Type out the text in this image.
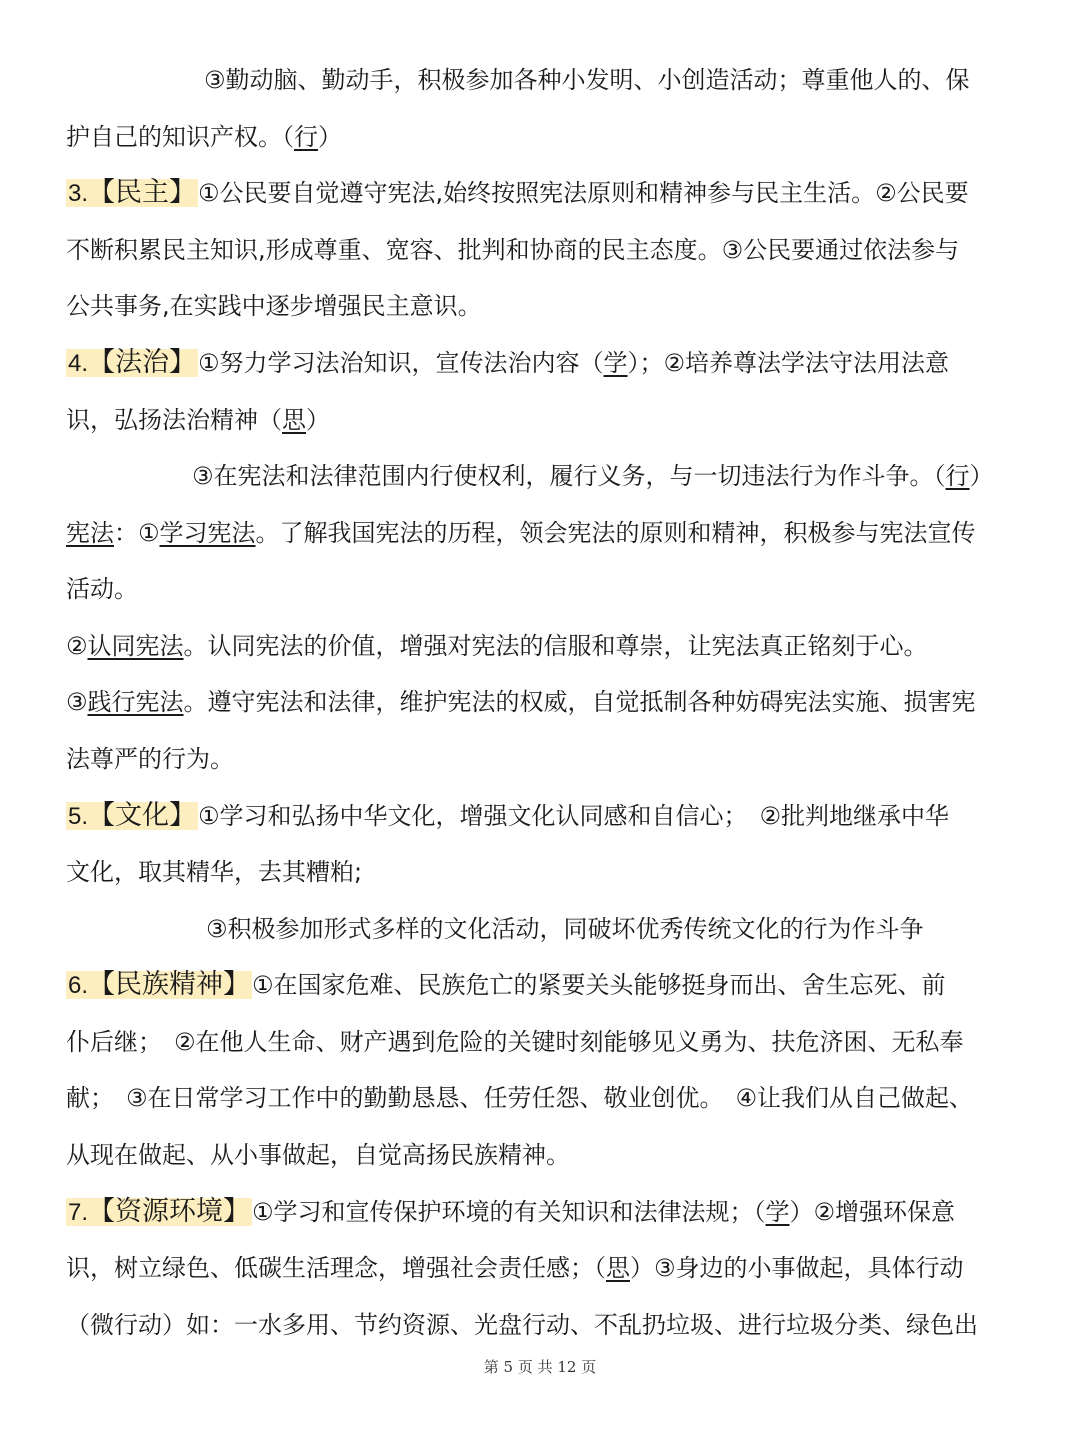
③勤动脑、勤动手，积极参加各种小发明、小创造活动；尊重他人的、保
护自己的知识产权。（行）
3.【民主】①公民要自觉遵守宪法,始终按照宪法原则和精神参与民主生活。②公民要
不断积累民主知识,形成尊重、宽容、批判和协商的民主态度。③公民要通过依法参与
公共事务,在实践中逐步增强民主意识。
4.【法治】①努力学习法治知识，宣传法治内容（学）；②培养尊法学法守法用法意
识，弘扬法治精神（思）
③在宪法和法律范围内行使权利，履行义务，与一切违法行为作斗争。（行）
宪法：①学习宪法。了解我国宪法的历程，领会宪法的原则和精神，积极参与宪法宣传
活动。
②认同宪法。认同宪法的价值，增强对宪法的信服和尊崇，让宪法真正铭刻于心。
③践行宪法。遵守宪法和法律，维护宪法的权威，自觉抵制各种妨碍宪法实施、损害宪
法尊严的行为。
5.【文化】①学习和弘扬中华文化，增强文化认同感和自信心；　②批判地继承中华
文化，取其精华，去其糟粕;
③积极参加形式多样的文化活动，同破坏优秀传统文化的行为作斗争
6.【民族精神】①在国家危难、民族危亡的紧要关头能够挺身而出、舍生忘死、前
仆后继；　②在他人生命、财产遇到危险的关键时刻能够见义勇为、扶危济困、无私奉
献；　③在日常学习工作中的勤勤恳恳、任劳任怨、敬业创优。　④让我们从自己做起、
从现在做起、从小事做起，自觉高扬民族精神。
7.【资源环境】①学习和宣传保护环境的有关知识和法律法规；（学）②增强环保意
识，树立绿色、低碳生活理念，增强社会责任感；（思）③身边的小事做起，具体行动
（微行动）如：一水多用、节约资源、光盘行动、不乱扔垃圾、进行垃圾分类、绿色出
第 5 页 共 12 页
